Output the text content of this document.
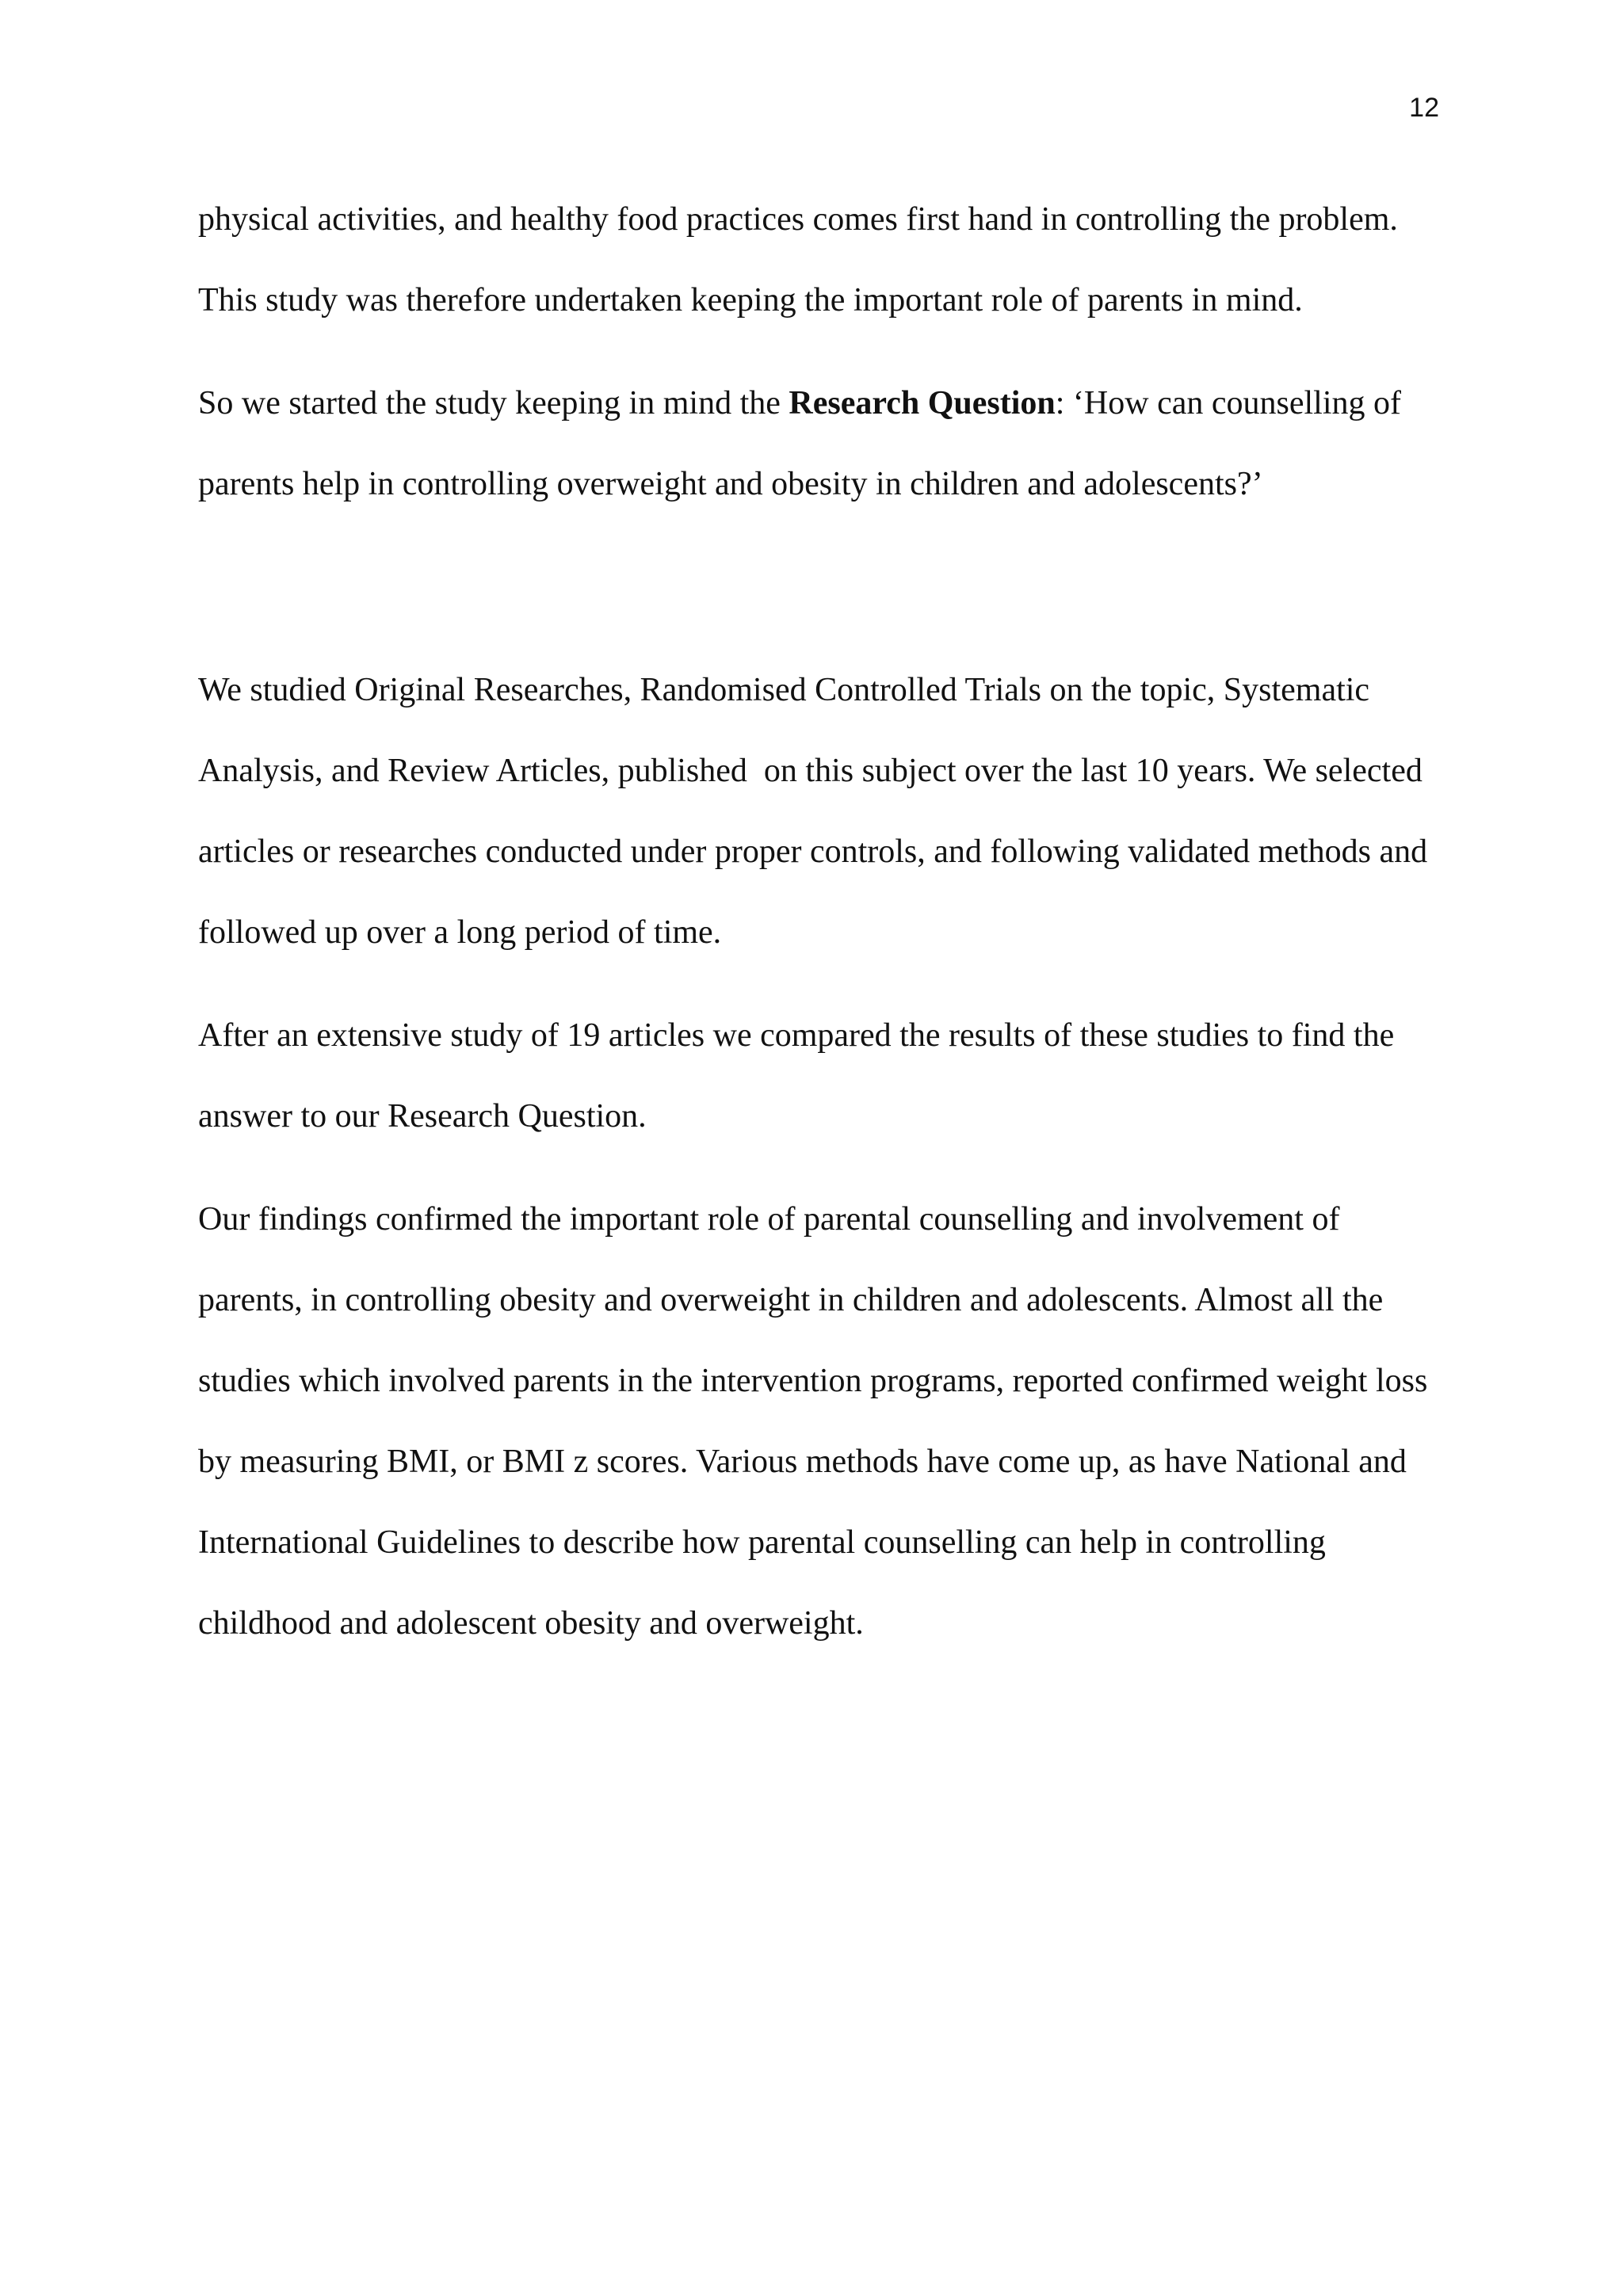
12
physical activities, and healthy food practices comes first hand in controlling the problem.
This study was therefore undertaken keeping the important role of parents in mind.
So we started the study keeping in mind the Research Question: ‘How can counselling of
parents help in controlling overweight and obesity in children and adolescents?’
We studied Original Researches, Randomised Controlled Trials on the topic, Systematic
Analysis, and Review Articles, published  on this subject over the last 10 years. We selected
articles or researches conducted under proper controls, and following validated methods and
followed up over a long period of time.
After an extensive study of 19 articles we compared the results of these studies to find the
answer to our Research Question.
Our findings confirmed the important role of parental counselling and involvement of
parents, in controlling obesity and overweight in children and adolescents. Almost all the
studies which involved parents in the intervention programs, reported confirmed weight loss
by measuring BMI, or BMI z scores. Various methods have come up, as have National and
International Guidelines to describe how parental counselling can help in controlling
childhood and adolescent obesity and overweight.
